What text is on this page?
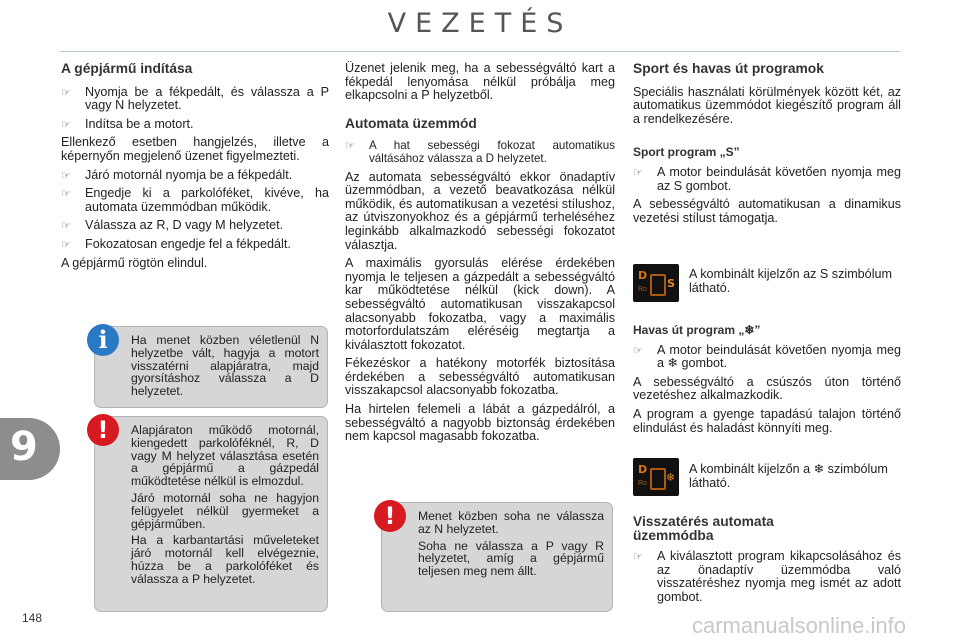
VEZETÉS
A gépjármű indítása
☞ Nyomja be a fékpedált, és válassza a P vagy N helyzetet.
☞ Indítsa be a motort.

Ellenkező esetben hangjelzés, illetve a képernyőn megjelenő üzenet figyelmezteti.

☞ Járó motornál nyomja be a fékpedált.
☞ Engedje ki a parkolóféket, kivéve, ha automata üzemmódban működik.
☞ Válassza az R, D vagy M helyzetet.
☞ Fokozatosan engedje fel a fékpedált.

A gépjármű rögtön elindul.

i	Ha menet közben véletlenül N helyzetbe vált, hagyja a motort visszatérni alapjáratra, majd gyorsításhoz válassza a D helyzetet.

!	Alapjáraton működő motornál, kiengedett parkolóféknél, R, D vagy M helyzet választása esetén a gépjármű a gázpedál működtetése nélkül is elmozdul.

Járó motornál soha ne hagyjon felügyelet nélkül gyermeket a gépjárműben.

Ha a karbantartási műveleteket járó motornál kell elvégeznie, húzza be a parkolóféket és válassza a P helyzetet.

Üzenet jelenik meg, ha a sebességváltó kart a fékpedál lenyomása nélkül próbálja meg elkapcsolni a P helyzetből.

Automata üzemmód
☞ A hat sebességi fokozat automatikus váltásához válassza a D helyzetet.

Az automata sebességváltó ekkor önadaptív üzemmódban, a vezető beavatkozása nélkül működik, és automatikusan a vezetési stílushoz, az útviszonyokhoz és a gépjármű terheléséhez leginkább alkalmazkodó sebességi fokozatot választja.

A maximális gyorsulás elérése érdekében nyomja le teljesen a gázpedált a sebességváltó kar működtetése nélkül (kick down). A sebességváltó automatikusan visszakapcsol alacsonyabb fokozatba, vagy a maximális motorfordulatszám eléréséig megtartja a kiválasztott fokozatot.

Fékezéskor a hatékony motorfék biztosítása érdekében a sebességváltó automatikusan visszakapcsol alacsonyabb fokozatba.

Ha hirtelen felemeli a lábát a gázpedálról, a sebességváltó a nagyobb biztonság érdekében nem kapcsol magasabb fokozatba.

!	Menet közben soha ne válassza az N helyzetet.

Soha ne válassza a P vagy R helyzetet, amíg a gépjármű teljesen meg nem állt.

Sport és havas út programok

Speciális használati körülmények között két, az automatikus üzemmódot kiegészítő program áll a rendelkezésére.

Sport program „S”
☞ A motor beindulását követően nyomja meg az S gombot.

A sebességváltó automatikusan a dinamikus vezetési stílust támogatja.

D
Ro S
A kombinált kijelzőn az S szimbólum látható.
Havas út program „❄”
☞ A motor beindulását követően nyomja meg a ❄ gombot.

A sebességváltó a csúszós úton történő vezetéshez alkalmazkodik.

A program a gyenge tapadású talajon történő elindulást és haladást könnyíti meg.

D
Ro ❄
A kombinált kijelzőn a ❄ szimbólum látható.
Visszatérés automata üzemmódba
☞ A kiválasztott program kikapcsolásához és az önadaptív üzemmódba való visszatéréshez nyomja meg ismét az adott gombot.
9
148	carmanualsonline.info
